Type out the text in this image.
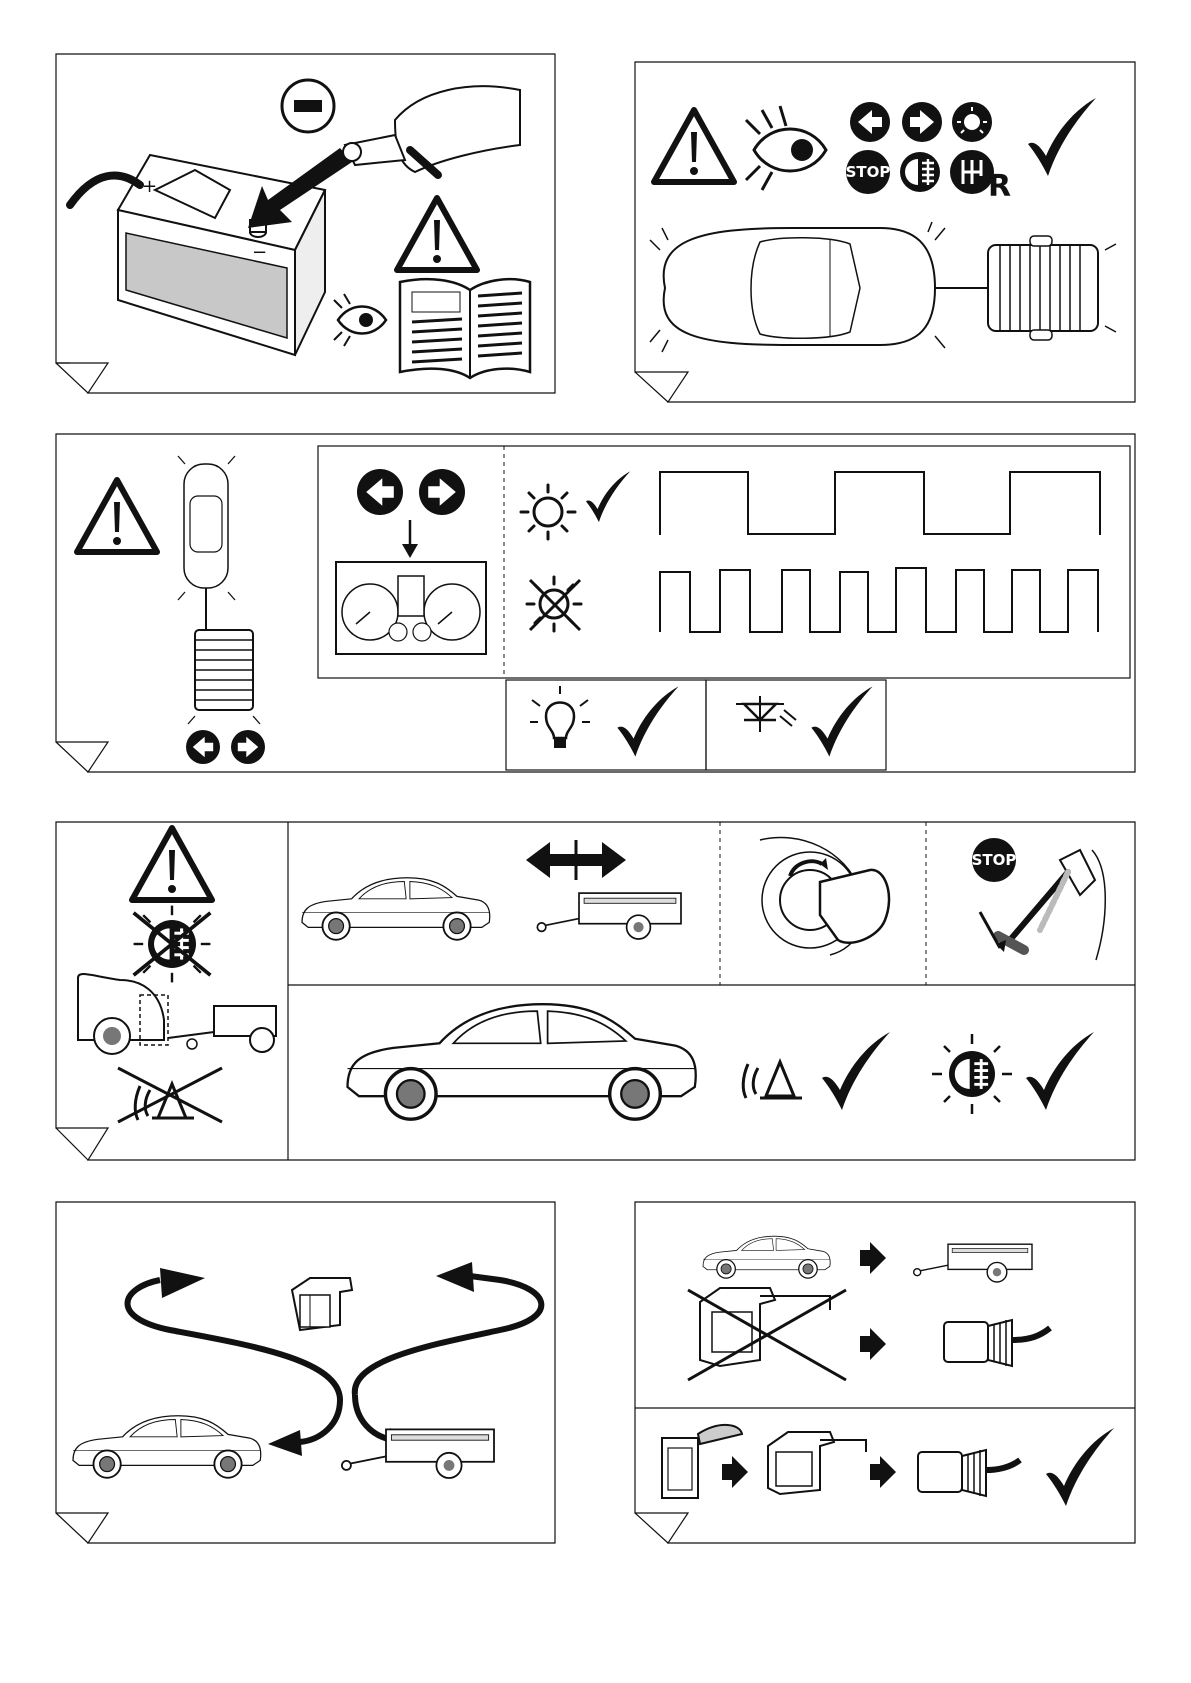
+
−
STOP	R
STOP
